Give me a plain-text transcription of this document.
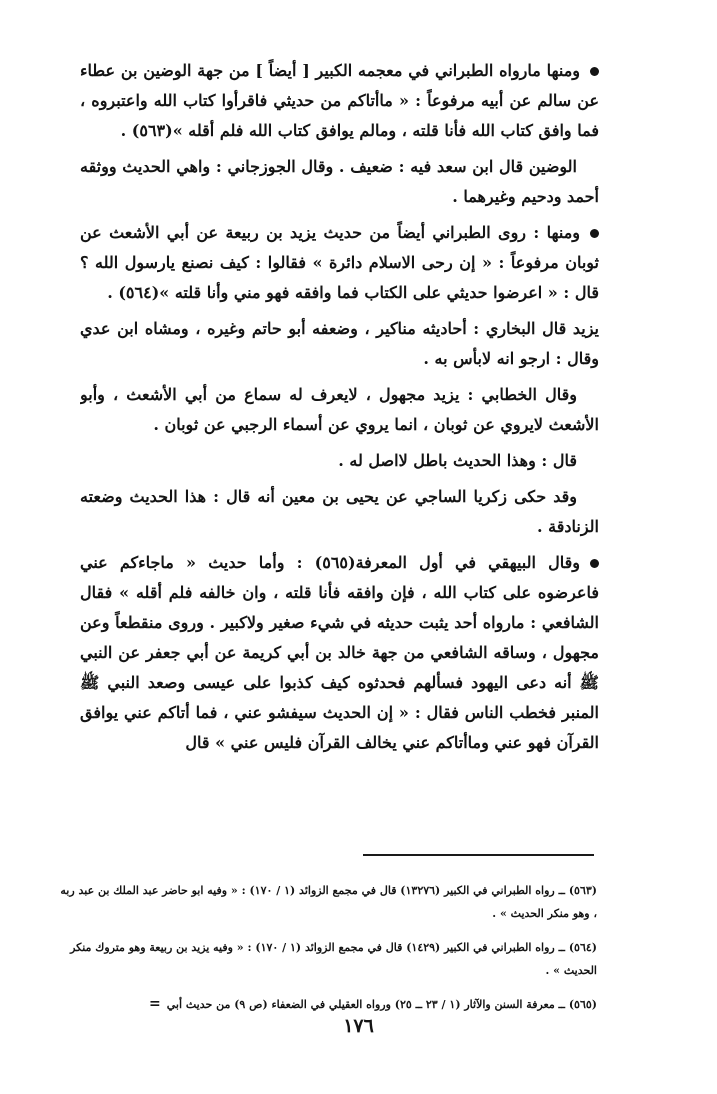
ومنها مارواه الطبراني في معجمه الكبير [ أيضاً ] من جهة الوضين بن عطاء عن سالم عن أبيه مرفوعاً : « ماأتاكم من حديثي فاقرأوا كتاب الله واعتبروه ، فما وافق كتاب الله فأنا قلته ، ومالم يوافق كتاب الله فلم أقله »(٥٦٣) .

الوضين قال ابن سعد فيه : ضعيف . وقال الجوزجاني : واهي الحديث ووثقه أحمد ودحيم وغيرهما .

ومنها : روى الطبراني أيضاً من حديث يزيد بن ربيعة عن أبي الأشعث عن ثوبان مرفوعاً : « إن رحى الاسلام دائرة » فقالوا : كيف نصنع يارسول الله ؟ قال : « اعرضوا حديثي على الكتاب فما وافقه فهو مني وأنا قلته »(٥٦٤) .

يزيد قال البخاري : أحاديثه مناكير ، وضعفه أبو حاتم وغيره ، ومشاه ابن عدي وقال : ارجو انه لابأس به .

وقال الخطابي : يزيد مجهول ، لايعرف له سماع من أبي الأشعث ، وأبو الأشعث لايروي عن ثوبان ، انما يروي عن أسماء الرجبي عن ثوبان .

قال : وهذا الحديث باطل لااصل له .

وقد حكى زكريا الساجي عن يحيى بن معين أنه قال : هذا الحديث وضعته الزنادقة .

وقال البيهقي في أول المعرفة(٥٦٥) : وأما حديث « ماجاءكم عني فاعرضوه على كتاب الله ، فإن وافقه فأنا قلته ، وان خالفه فلم أقله » فقال الشافعي : مارواه أحد يثبت حديثه في شيء صغير ولاكبير . وروى منقطعاً وعن مجهول ، وساقه الشافعي من جهة خالد بن أبي كريمة عن أبي جعفر عن النبي ﷺ أنه دعى اليهود فسألهم فحدثوه كيف كذبوا على عيسى وصعد النبي ﷺ المنبر فخطب الناس فقال : « إن الحديث سيفشو عني ، فما أتاكم عني يوافق القرآن فهو عني وماأتاكم عني يخالف القرآن فليس عني » قال

(٥٦٣) ــ رواه الطبراني في الكبير (١٣٢٧٦) قال في مجمع الزوائد (١ / ١٧٠) : « وفيه ابو حاضر عبد الملك بن عبد ربه ، وهو منكر الحديث » .

(٥٦٤) ــ رواه الطبراني في الكبير (١٤٢٩) قال في مجمع الزوائد (١ / ١٧٠) : « وفيه يزيد بن ربيعة وهو متروك منكر الحديث » .

(٥٦٥) ــ معرفة السنن والآثار (١ / ٢٣ ــ ٢٥) ورواه العقيلي في الضعفاء (ص ٩) من حديث أبي=

١٧٦
